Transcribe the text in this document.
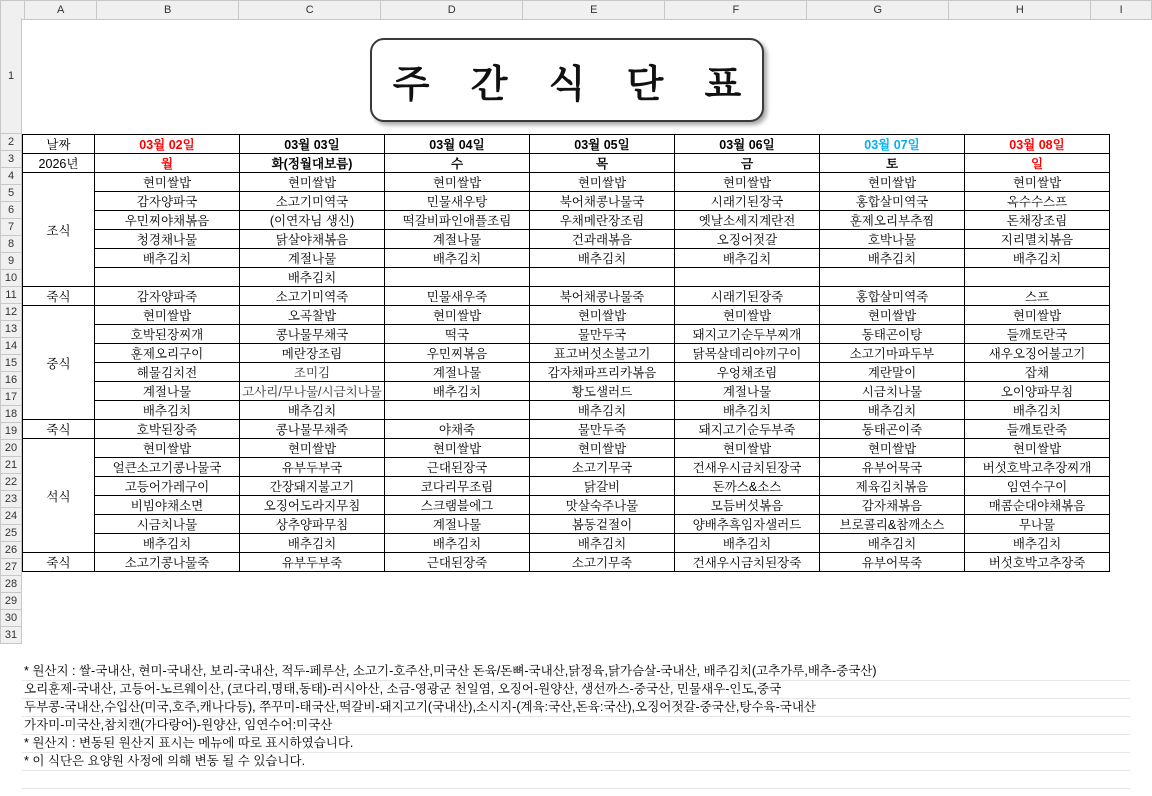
	A	B	C	D	E	F	G	H	I
1
2
3
4
5
6
7
8
9
10
11
12
13
14
15
16
17
18
19
20
21
22
23
24
25
26
27
28
29
30
31
주 간 식 단 표
날짜	03월 02일	03월 03일	03월 04일	03월 05일	03월 06일	03월 07일	03월 08일
2026년	월	화(정월대보름)	수	목	금	토	일
조식	현미쌀밥	현미쌀밥	현미쌀밥	현미쌀밥	현미쌀밥	현미쌀밥	현미쌀밥
	감자양파국	소고기미역국	민물새우탕	북어채콩나물국	시래기된장국	홍합살미역국	옥수수스프
	우민찌야채볶음	(이연자님 생신)	떡갈비파인애플조림	우채메란장조림	옛날소세지계란전	훈제오리부추찜	돈채장조림
	청경채나물	닭살야채볶음	계절나물	건과래볶음	오징어젓갈	호박나물	지리멸치볶음
	배추김치	계절나물	배추김치	배추김치	배추김치	배추김치	배추김치
		배추김치					
죽식	감자양파죽	소고기미역죽	민물새우죽	북어채콩나물죽	시래기된장죽	홍합살미역죽	스프
중식	현미쌀밥	오곡찰밥	현미쌀밥	현미쌀밥	현미쌀밥	현미쌀밥	현미쌀밥
	호박된장찌개	콩나물무채국	떡국	물만두국	돼지고기순두부찌개	동태곤이탕	들깨토란국
	훈제오리구이	메란장조림	우민찌볶음	표고버섯소불고기	닭목살데리야끼구이	소고기마파두부	새우오징어불고기
	해물김치전	조미김	계절나물	감자채파프리카볶음	우엉채조림	계란말이	잡채
	계절나물	고사리/무나물/시금치나물	배추김치	황도샐러드	계절나물	시금치나물	오이양파무침
	배추김치	배추김치		배추김치	배추김치	배추김치	배추김치
죽식	호박된장죽	콩나물무채죽	야채죽	물만두죽	돼지고기순두부죽	동태곤이죽	들깨토란죽
석식	현미쌀밥	현미쌀밥	현미쌀밥	현미쌀밥	현미쌀밥	현미쌀밥	현미쌀밥
	얼큰소고기콩나물국	유부두부국	근대된장국	소고기무국	건새우시금치된장국	유부어묵국	버섯호박고추장찌개
	고등어가레구이	간장돼지불고기	코다리무조림	닭갈비	돈까스&소스	제육김치볶음	임연수구이
	비빔야채소면	오징어도라지무침	스크램블에그	맛살숙주나물	모듬버섯볶음	감자채볶음	매콤순대야채볶음
	시금치나물	상추양파무침	계절나물	봄동겉절이	양배추흑임자샐러드	브로콜리&참깨소스	무나물
	배추김치	배추김치	배추김치	배추김치	배추김치	배추김치	배추김치
죽식	소고기콩나물죽	유부두부죽	근대된장죽	소고기무죽	건새우시금치된장죽	유부어묵죽	버섯호박고추장죽
* 원산지 : 쌀-국내산, 현미-국내산, 보리-국내산, 적두-페루산, 소고기-호주산,미국산 돈육/돈뼈-국내산,닭정육,닭가슴살-국내산, 배주김치(고추가루,배추-중국산)
오리훈제-국내산, 고등어-노르웨이산, (코다리,명태,동태)-러시아산, 소금-영광군 천일염, 오징어-원양산, 생선까스-중국산, 민물새우-인도,중국
두부콩-국내산,수입산(미국,호주,캐나다등), 쭈꾸미-태국산,떡갈비-돼지고기(국내산),소시지-(계육:국산,돈육:국산),오징어젓갈-중국산,탕수육-국내산
가자미-미국산,참치캔(가다랑어)-원양산, 임연수어:미국산
* 원산지 : 변동된 원산지 표시는 메뉴에 따로 표시하였습니다.
* 이 식단은 요양원 사정에 의해 변동 될 수 있습니다.
